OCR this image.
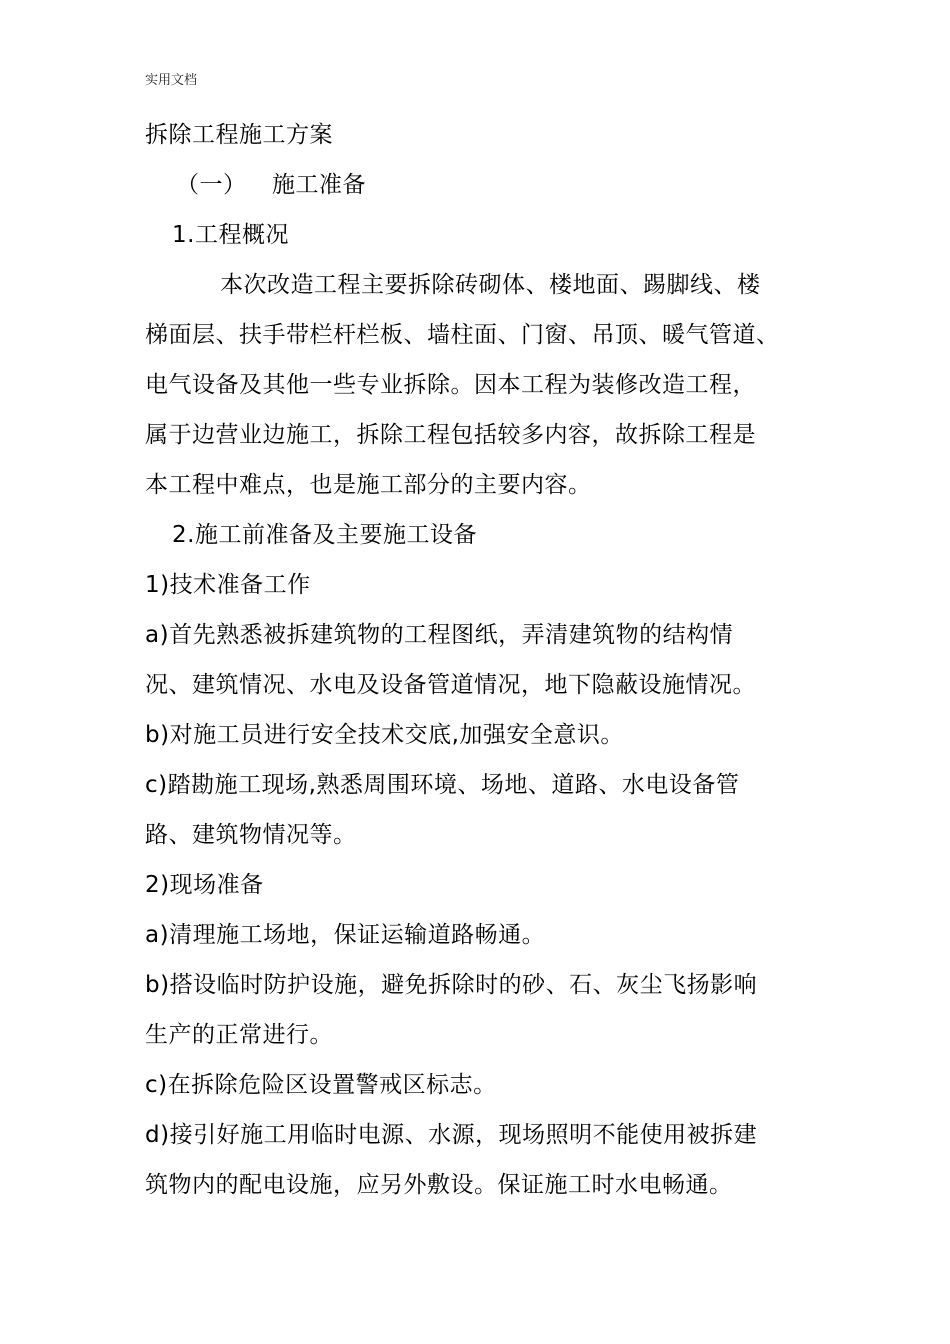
实用文档
拆除工程施工方案
（一） 施工准备
1.工程概况
本次改造工程主要拆除砖砌体、楼地面、踢脚线、楼
梯面层、扶手带栏杆栏板、墙柱面、门窗、吊顶、暖气管道、
电气设备及其他一些专业拆除。因本工程为装修改造工程，
属于边营业边施工，拆除工程包括较多内容，故拆除工程是
本工程中难点，也是施工部分的主要内容。
2.施工前准备及主要施工设备
1)技术准备工作
a)首先熟悉被拆建筑物的工程图纸，弄清建筑物的结构情
况、建筑情况、水电及设备管道情况，地下隐蔽设施情况。
b)对施工员进行安全技术交底,加强安全意识。
c)踏勘施工现场,熟悉周围环境、场地、道路、水电设备管
路、建筑物情况等。
2)现场准备
a)清理施工场地，保证运输道路畅通。
b)搭设临时防护设施，避免拆除时的砂、石、灰尘飞扬影响
生产的正常进行。
c)在拆除危险区设置警戒区标志。
d)接引好施工用临时电源、水源，现场照明不能使用被拆建
筑物内的配电设施，应另外敷设。保证施工时水电畅通。
